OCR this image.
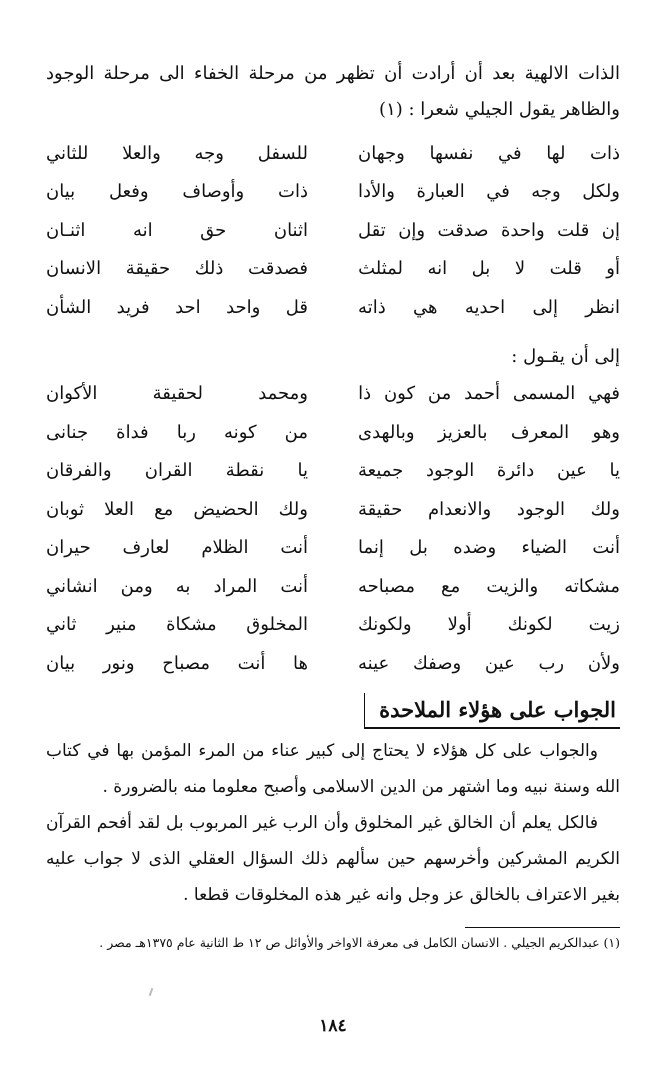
الذات الالهية بعد أن أرادت أن تظهر من مرحلة الخفاء الى مرحلة الوجود والظاهر يقول الجيلي شعرا : (١)

ذات
لها
في
نفسها
وجهان
للسفل
وجه
والعلا
للثاني
ولكل
وجه
في
العبارة
والأدا
ذات
وأوصاف
وفعل
بيان
إن
قلت
واحدة
صدقت
وإن
تقل
اثنان
حق
انه
اثنـان
أو
قلت
لا
بل
انه
لمثلث
فصدقت
ذلك
حقيقة
الانسان
انظر
إلى
احديه
هي
ذاته
قل
واحد
احد
فريد
الشأن
إلى أن يقـول :
فهي
المسمى
أحمد
من
كون
ذا
ومحمد
لحقيقة
الأكوان
وهو
المعرف
بالعزيز
وبالهدى
من
كونه
ربا
فداة
جنانى
يا
عين
دائرة
الوجود
جميعة
يا
نقطة
القران
والفرقان
ولك
الوجود
والانعدام
حقيقة
ولك
الحضيض
مع
العلا
ثوبان
أنت
الضياء
وضده
بل
إنما
أنت
الظلام
لعارف
حيران
مشكاته
والزيت
مع
مصباحه
أنت
المراد
به
ومن
انشاني
زيت
لكونك
أولا
ولكونك
المخلوق
مشكاة
منير
ثاني
ولأن
رب
عين
وصفك
عينه
ها
أنت
مصباح
ونور
بيان
الجواب على هؤلاء الملاحدة

والجواب على كل هؤلاء لا يحتاج إلى كبير عناء من المرء المؤمن بها في كتاب الله وسنة نبيه وما اشتهر من الدين الاسلامى وأصبح معلوما منه بالضرورة .

فالكل يعلم أن الخالق غير المخلوق وأن الرب غير المربوب بل لقد أفحم القرآن الكريم المشركين وأخرسهم حين سألهم ذلك السؤال العقلي الذى لا جواب عليه بغير الاعتراف بالخالق عز وجل وانه غير هذه المخلوقات قطعا .

(١) عبدالكريم الجيلي . الانسان الكامل فى معرفة الاواخر والأوائل ص ١٢ ط الثانية عام ١٣٧٥هـ مصر .
١٨٤
